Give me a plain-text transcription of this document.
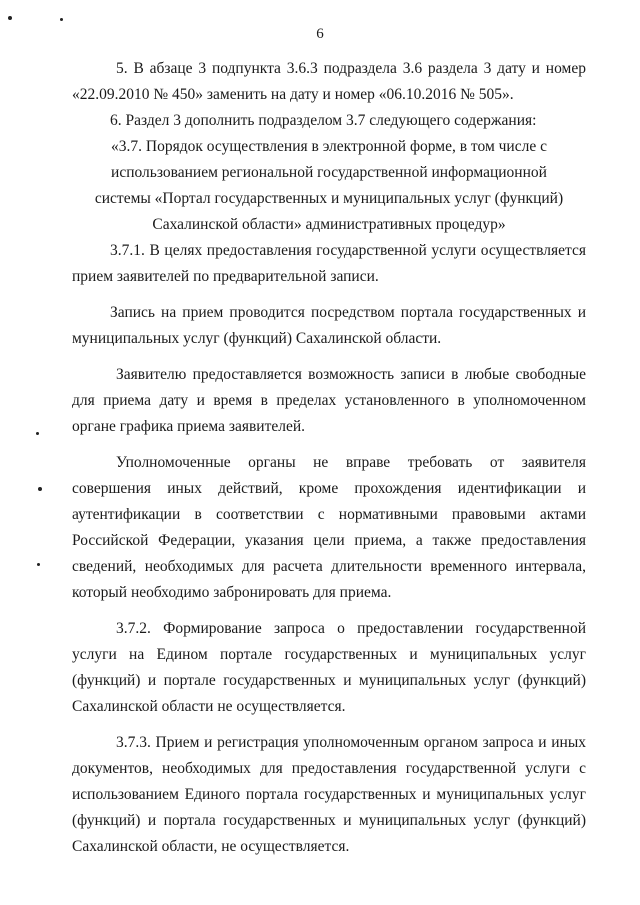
6

5. В абзаце 3 подпункта 3.6.3 подраздела 3.6 раздела 3 дату и номер «22.09.2010 № 450» заменить на дату и номер «06.10.2016 № 505».

6. Раздел 3 дополнить подразделом 3.7 следующего содержания:

«3.7. Порядок осуществления в электронной форме, в том числе с использованием региональной государственной информационной системы «Портал государственных и муниципальных услуг (функций) Сахалинской области» административных процедур»

3.7.1. В целях предоставления государственной услуги осуществляется прием заявителей по предварительной записи.

Запись на прием проводится посредством портала государственных и муниципальных услуг (функций) Сахалинской области.

Заявителю предоставляется возможность записи в любые свободные для приема дату и время в пределах установленного в уполномоченном органе графика приема заявителей.

Уполномоченные органы не вправе требовать от заявителя совершения иных действий, кроме прохождения идентификации и аутентификации в соответствии с нормативными правовыми актами Российской Федерации, указания цели приема, а также предоставления сведений, необходимых для расчета длительности временного интервала, который необходимо забронировать для приема.

3.7.2. Формирование запроса о предоставлении государственной услуги на Едином портале государственных и муниципальных услуг (функций) и портале государственных и муниципальных услуг (функций) Сахалинской области не осуществляется.

3.7.3. Прием и регистрация уполномоченным органом запроса и иных документов, необходимых для предоставления государственной услуги с использованием Единого портала государственных и муниципальных услуг (функций) и портала государственных и муниципальных услуг (функций) Сахалинской области, не осуществляется.
